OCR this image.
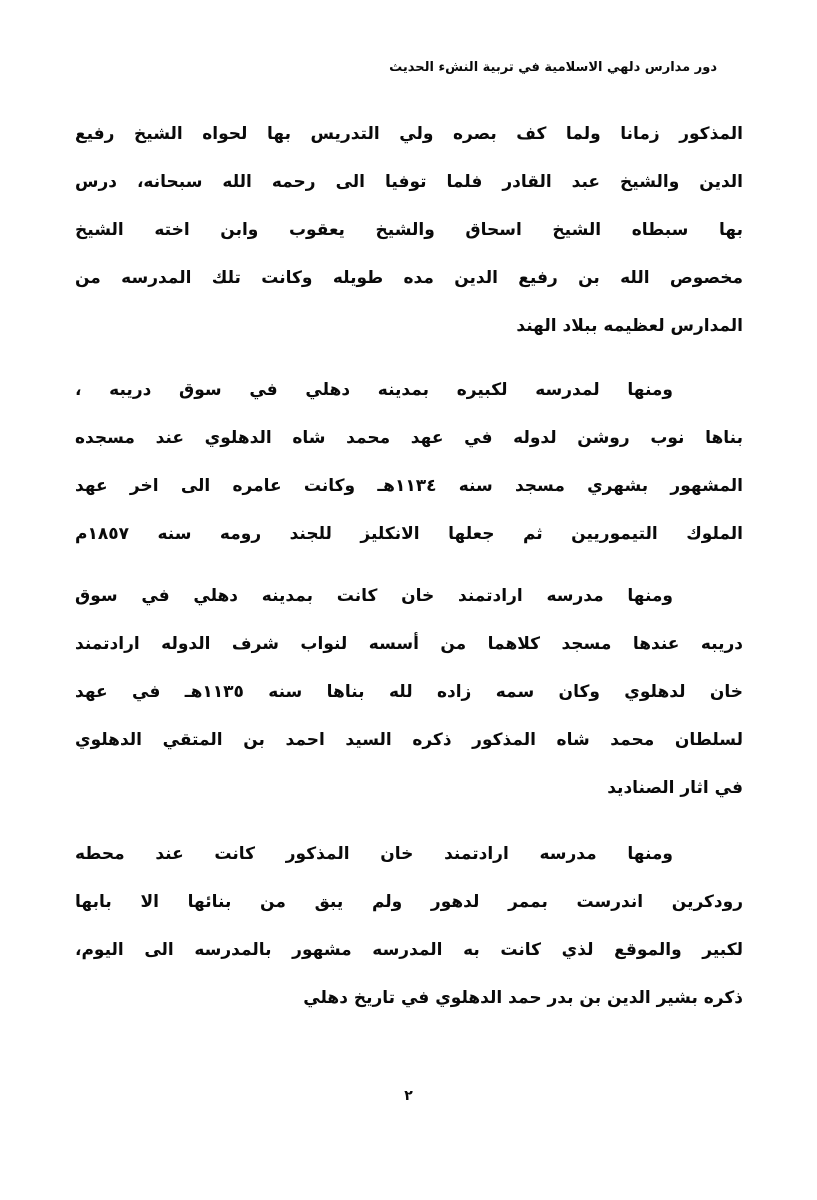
دور مدارس دلهي الاسلامية في تربية النشء الحديث
المذكور زمانا ولما كف بصره ولي التدريس بها لحواه الشيخ رفيع
الدين والشيخ عبد القادر فلما توفيا الى رحمه الله سبحانه، درس
بها سبطاه الشيخ اسحاق والشيخ يعقوب وابن اخته الشيخ
مخصوص الله بن رفيع الدين مده طويله وكانت تلك المدرسه من
المدارس لعظيمه ببلاد الهند
ومنها لمدرسه لكبيره بمدينه دهلي في سوق دريبه ،
بناها نوب روشن لدوله في عهد محمد شاه الدهلوي عند مسجده
المشهور بشهري مسجد سنه ١١٣٤هـ وكانت عامره الى اخر عهد
الملوك التيموريين ثم جعلها الانكليز للجند رومه سنه ١٨٥٧م
ومنها مدرسه ارادتمند خان كانت بمدينه دهلي في سوق
دريبه عندها مسجد كلاهما من أسسه لنواب شرف الدوله ارادتمند
خان لدهلوي وكان سمه زاده لله بناها سنه ١١٣٥هـ في عهد
لسلطان محمد شاه المذكور ذكره السيد احمد بن المتقي الدهلوي
في اثار الصناديد
ومنها مدرسه ارادتمند خان المذكور كانت عند محطه
رودكرين اندرست بممر لدهور ولم يبق من بنائها الا بابها
لكبير والموقع لذي كانت به المدرسه مشهور بالمدرسه الى اليوم،
ذكره بشير الدين بن بدر حمد الدهلوي في تاريخ دهلي
٢
